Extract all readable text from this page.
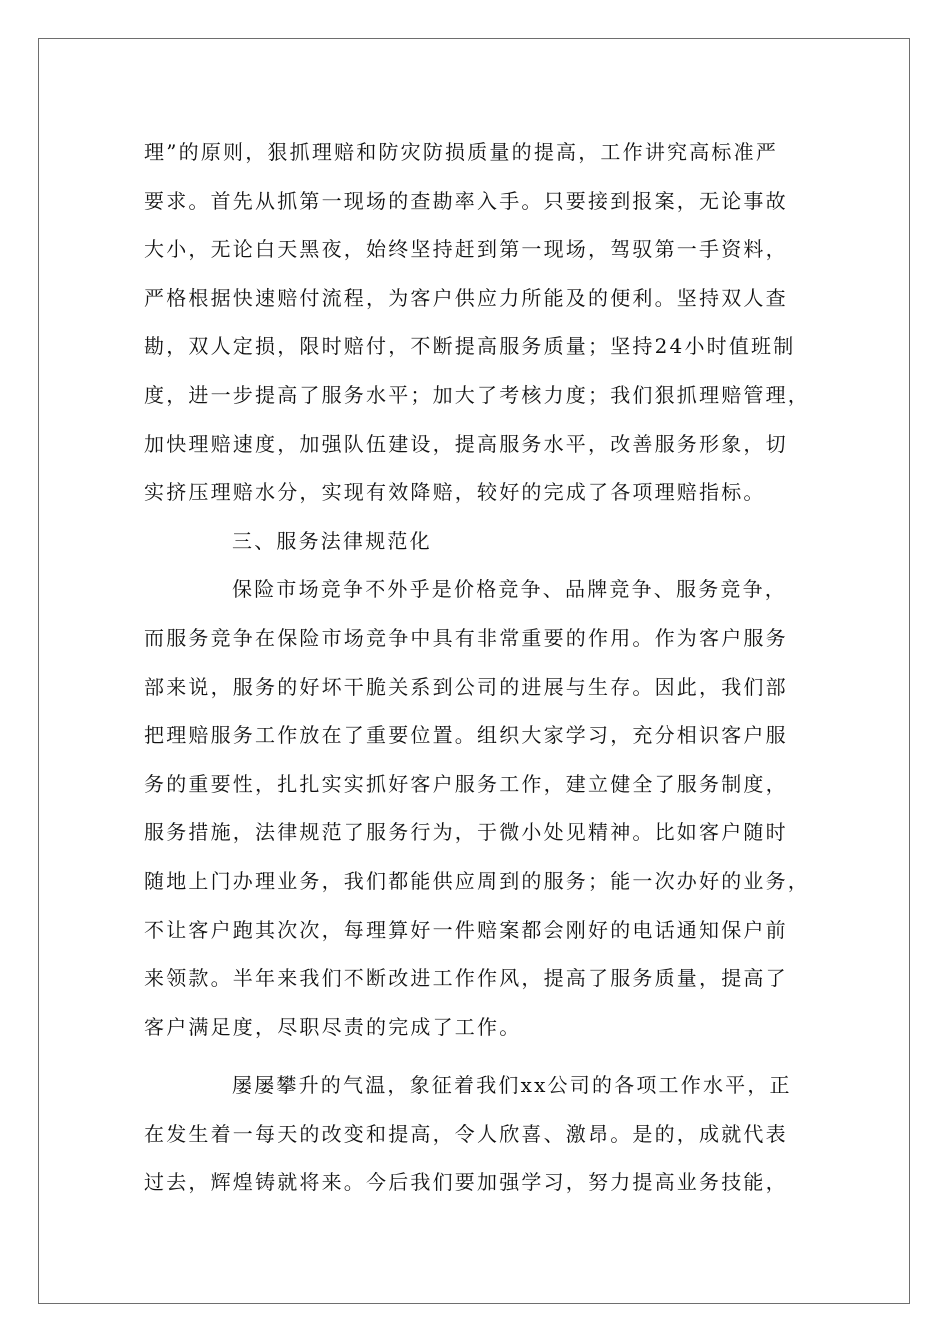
理”的原则，狠抓理赔和防灾防损质量的提高，工作讲究高标准严
要求。首先从抓第一现场的查勘率入手。只要接到报案，无论事故
大小，无论白天黑夜，始终坚持赶到第一现场，驾驭第一手资料，
严格根据快速赔付流程，为客户供应力所能及的便利。坚持双人查
勘，双人定损，限时赔付，不断提高服务质量；坚持24小时值班制
度，进一步提高了服务水平；加大了考核力度；我们狠抓理赔管理，
加快理赔速度，加强队伍建设，提高服务水平，改善服务形象，切
实挤压理赔水分，实现有效降赔，较好的完成了各项理赔指标。
三、服务法律规范化
保险市场竞争不外乎是价格竞争、品牌竞争、服务竞争，
而服务竞争在保险市场竞争中具有非常重要的作用。作为客户服务
部来说，服务的好坏干脆关系到公司的进展与生存。因此，我们部
把理赔服务工作放在了重要位置。组织大家学习，充分相识客户服
务的重要性，扎扎实实抓好客户服务工作，建立健全了服务制度，
服务措施，法律规范了服务行为，于微小处见精神。比如客户随时
随地上门办理业务，我们都能供应周到的服务；能一次办好的业务，
不让客户跑其次次，每理算好一件赔案都会刚好的电话通知保户前
来领款。半年来我们不断改进工作作风，提高了服务质量，提高了
客户满足度，尽职尽责的完成了工作。
屡屡攀升的气温，象征着我们xx公司的各项工作水平，正
在发生着一每天的改变和提高，令人欣喜、激昂。是的，成就代表
过去，辉煌铸就将来。今后我们要加强学习，努力提高业务技能，
